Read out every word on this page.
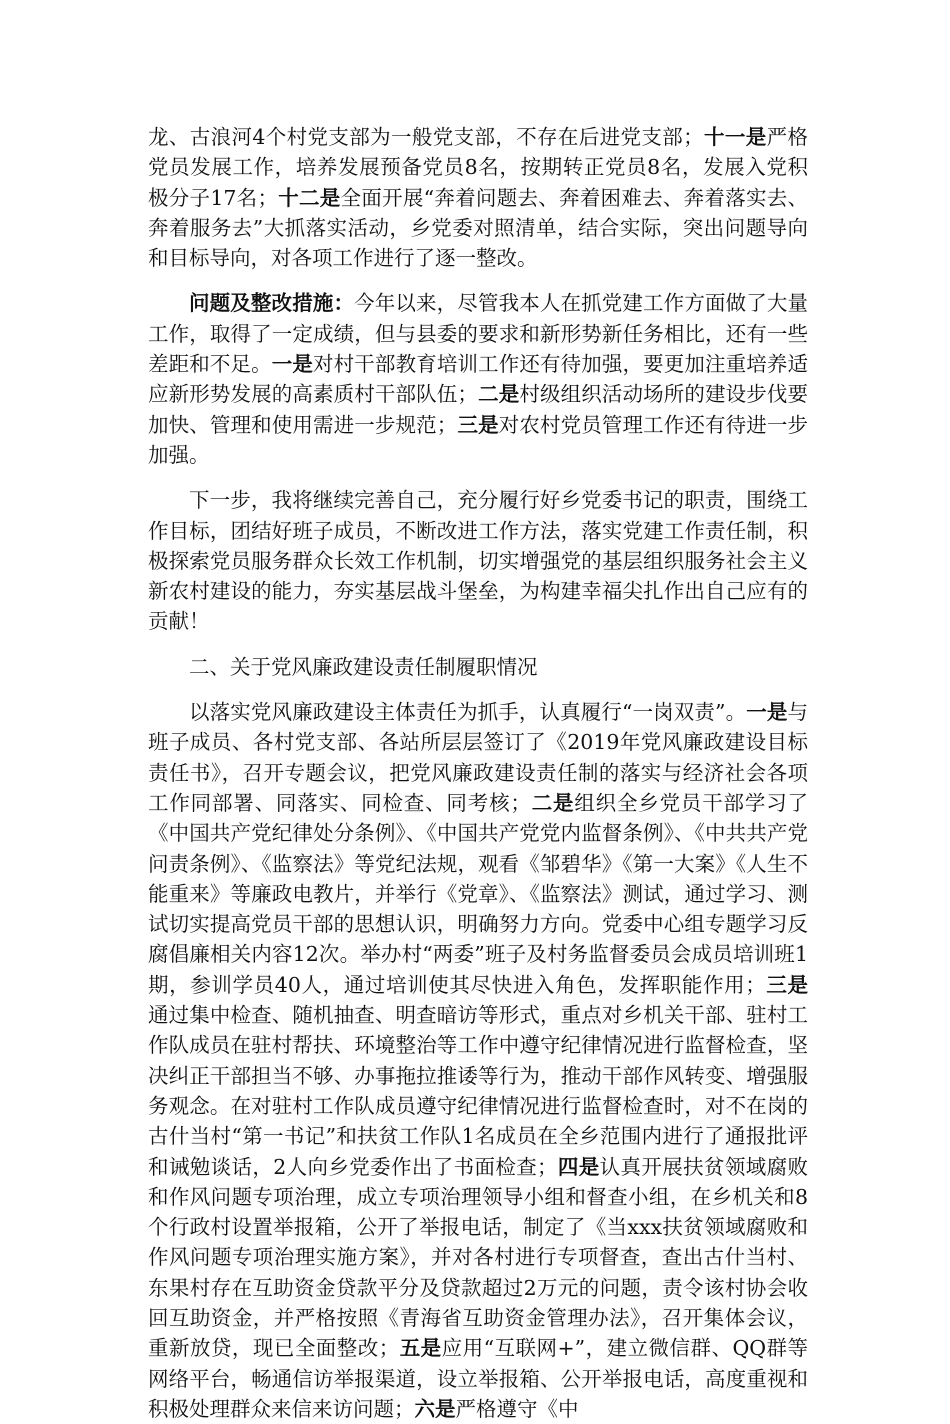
龙、古浪河4个村党支部为一般党支部，不存在后进党支部；十一是严格党员发展工作，培养发展预备党员8名，按期转正党员8名，发展入党积极分子17名；十二是全面开展“奔着问题去、奔着困难去、奔着落实去、奔着服务去”大抓落实活动，乡党委对照清单，结合实际，突出问题导向和目标导向，对各项工作进行了逐一整改。

问题及整改措施：今年以来，尽管我本人在抓党建工作方面做了大量工作，取得了一定成绩，但与县委的要求和新形势新任务相比，还有一些差距和不足。一是对村干部教育培训工作还有待加强，要更加注重培养适应新形势发展的高素质村干部队伍；二是村级组织活动场所的建设步伐要加快、管理和使用需进一步规范；三是对农村党员管理工作还有待进一步加强。

下一步，我将继续完善自己，充分履行好乡党委书记的职责，围绕工作目标，团结好班子成员，不断改进工作方法，落实党建工作责任制，积极探索党员服务群众长效工作机制，切实增强党的基层组织服务社会主义新农村建设的能力，夯实基层战斗堡垒，为构建幸福尖扎作出自己应有的贡献！

二、关于党风廉政建设责任制履职情况

以落实党风廉政建设主体责任为抓手，认真履行“一岗双责”。一是与班子成员、各村党支部、各站所层层签订了《2019年党风廉政建设目标责任书》，召开专题会议，把党风廉政建设责任制的落实与经济社会各项工作同部署、同落实、同检查、同考核；二是组织全乡党员干部学习了《中国共产党纪律处分条例》、《中国共产党党内监督条例》、《中共共产党问责条例》、《监察法》等党纪法规，观看《邹碧华》《第一大案》《人生不能重来》等廉政电教片，并举行《党章》、《监察法》测试，通过学习、测试切实提高党员干部的思想认识，明确努力方向。党委中心组专题学习反腐倡廉相关内容12次。举办村“两委”班子及村务监督委员会成员培训班1期，参训学员40人，通过培训使其尽快进入角色，发挥职能作用；三是通过集中检查、随机抽查、明查暗访等形式，重点对乡机关干部、驻村工作队成员在驻村帮扶、环境整治等工作中遵守纪律情况进行监督检查，坚决纠正干部担当不够、办事拖拉推诿等行为，推动干部作风转变、增强服务观念。在对驻村工作队成员遵守纪律情况进行监督检查时，对不在岗的古什当村“第一书记”和扶贫工作队1名成员在全乡范围内进行了通报批评和诫勉谈话，2人向乡党委作出了书面检查；四是认真开展扶贫领域腐败和作风问题专项治理，成立专项治理领导小组和督查小组，在乡机关和8个行政村设置举报箱，公开了举报电话，制定了《当xxx扶贫领域腐败和作风问题专项治理实施方案》，并对各村进行专项督查，查出古什当村、东果村存在互助资金贷款平分及贷款超过2万元的问题，责令该村协会收回互助资金，并严格按照《青海省互助资金管理办法》，召开集体会议，重新放贷，现已全面整改；五是应用“互联网+”，建立微信群、QQ群等网络平台，畅通信访举报渠道，设立举报箱、公开举报电话，高度重视和积极处理群众来信来访问题；六是严格遵守《中
